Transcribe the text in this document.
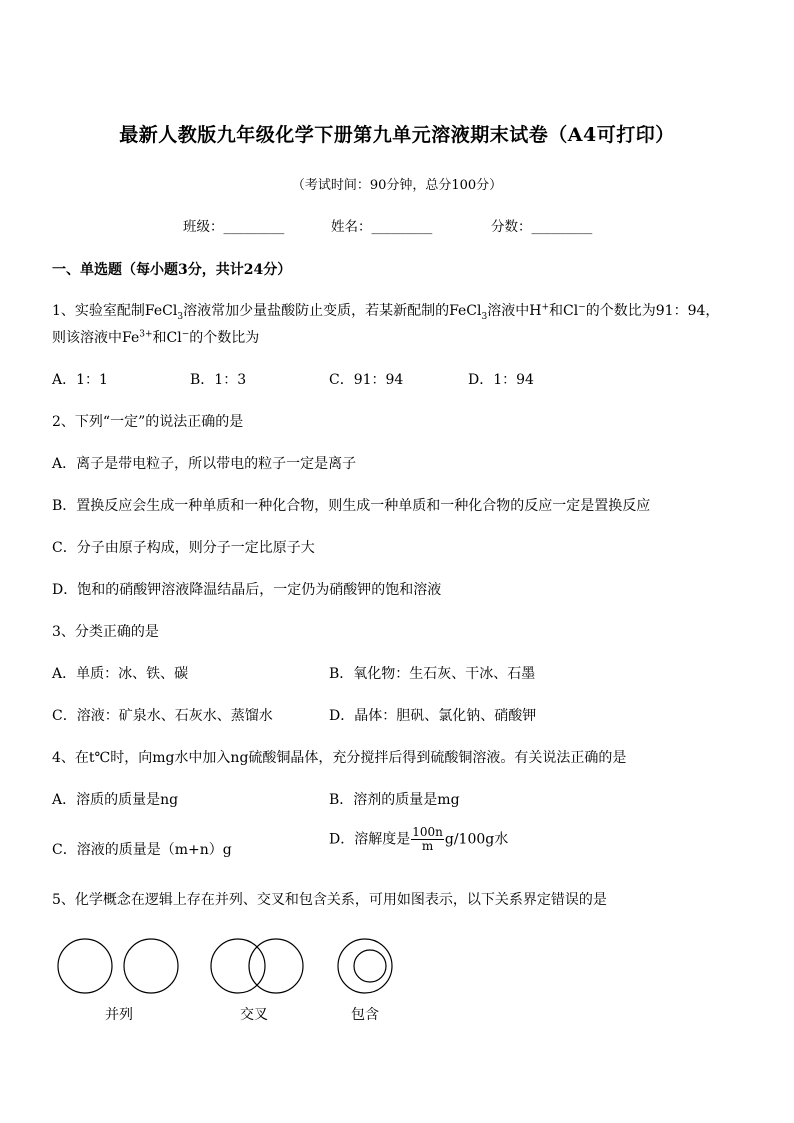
最新人教版九年级化学下册第九单元溶液期末试卷（A4可打印）
（考试时间：90分钟，总分100分）
班级：_________	姓名：_________	分数：_________
一、单选题（每小题3分，共计24分）
1、实验室配制FeCl$_3$溶液常加少量盐酸防止变质，若某新配制的FeCl$_3$溶液中H+和Cl−的个数比为91：94，
则该溶液中$Fe^{3+}$和Cl−的个数比为
A．1：1	B．1：3	C．91：94	D．1：94
2、下列“一定”的说法正确的是
A．离子是带电粒子，所以带电的粒子一定是离子
B．置换反应会生成一种单质和一种化合物，则生成一种单质和一种化合物的反应一定是置换反应
C．分子由原子构成，则分子一定比原子大
D．饱和的硝酸钾溶液降温结晶后，一定仍为硝酸钾的饱和溶液
3、分类正确的是
A．单质：冰、铁、碳	B．氧化物：生石灰、干冰、石墨
C．溶液：矿泉水、石灰水、蒸馏水	D．晶体：胆矾、氯化钠、硝酸钾
4、在t℃时，向mg水中加入ng硫酸铜晶体，充分搅拌后得到硫酸铜溶液。有关说法正确的是
A．溶质的质量是ng	B．溶剂的质量是mg
C．溶液的质量是（m+n）g
D．溶解度是 $\frac{100n}{m} g/100g$水
5、化学概念在逻辑上存在并列、交叉和包含关系，可用如图表示，以下关系界定错误的是
并列	交叉	包含
